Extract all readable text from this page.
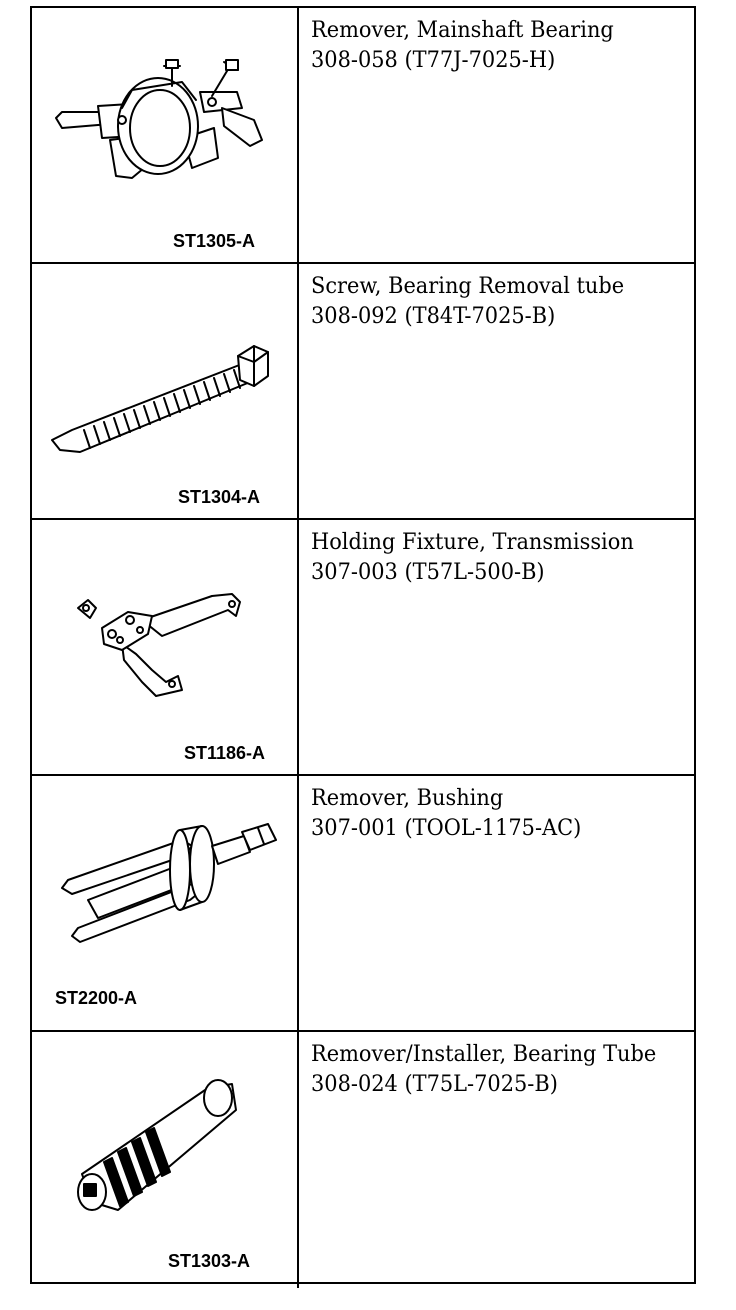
ST1305-A
Remover, Mainshaft Bearing
308-058 (T77J-7025-H)
ST1304-A
Screw, Bearing Removal tube
308-092 (T84T-7025-B)
ST1186-A
Holding Fixture, Transmission
307-003 (T57L-500-B)
ST2200-A
Remover, Bushing
307-001 (TOOL-1175-AC)
ST1303-A
Remover/Installer, Bearing Tube
308-024 (T75L-7025-B)
